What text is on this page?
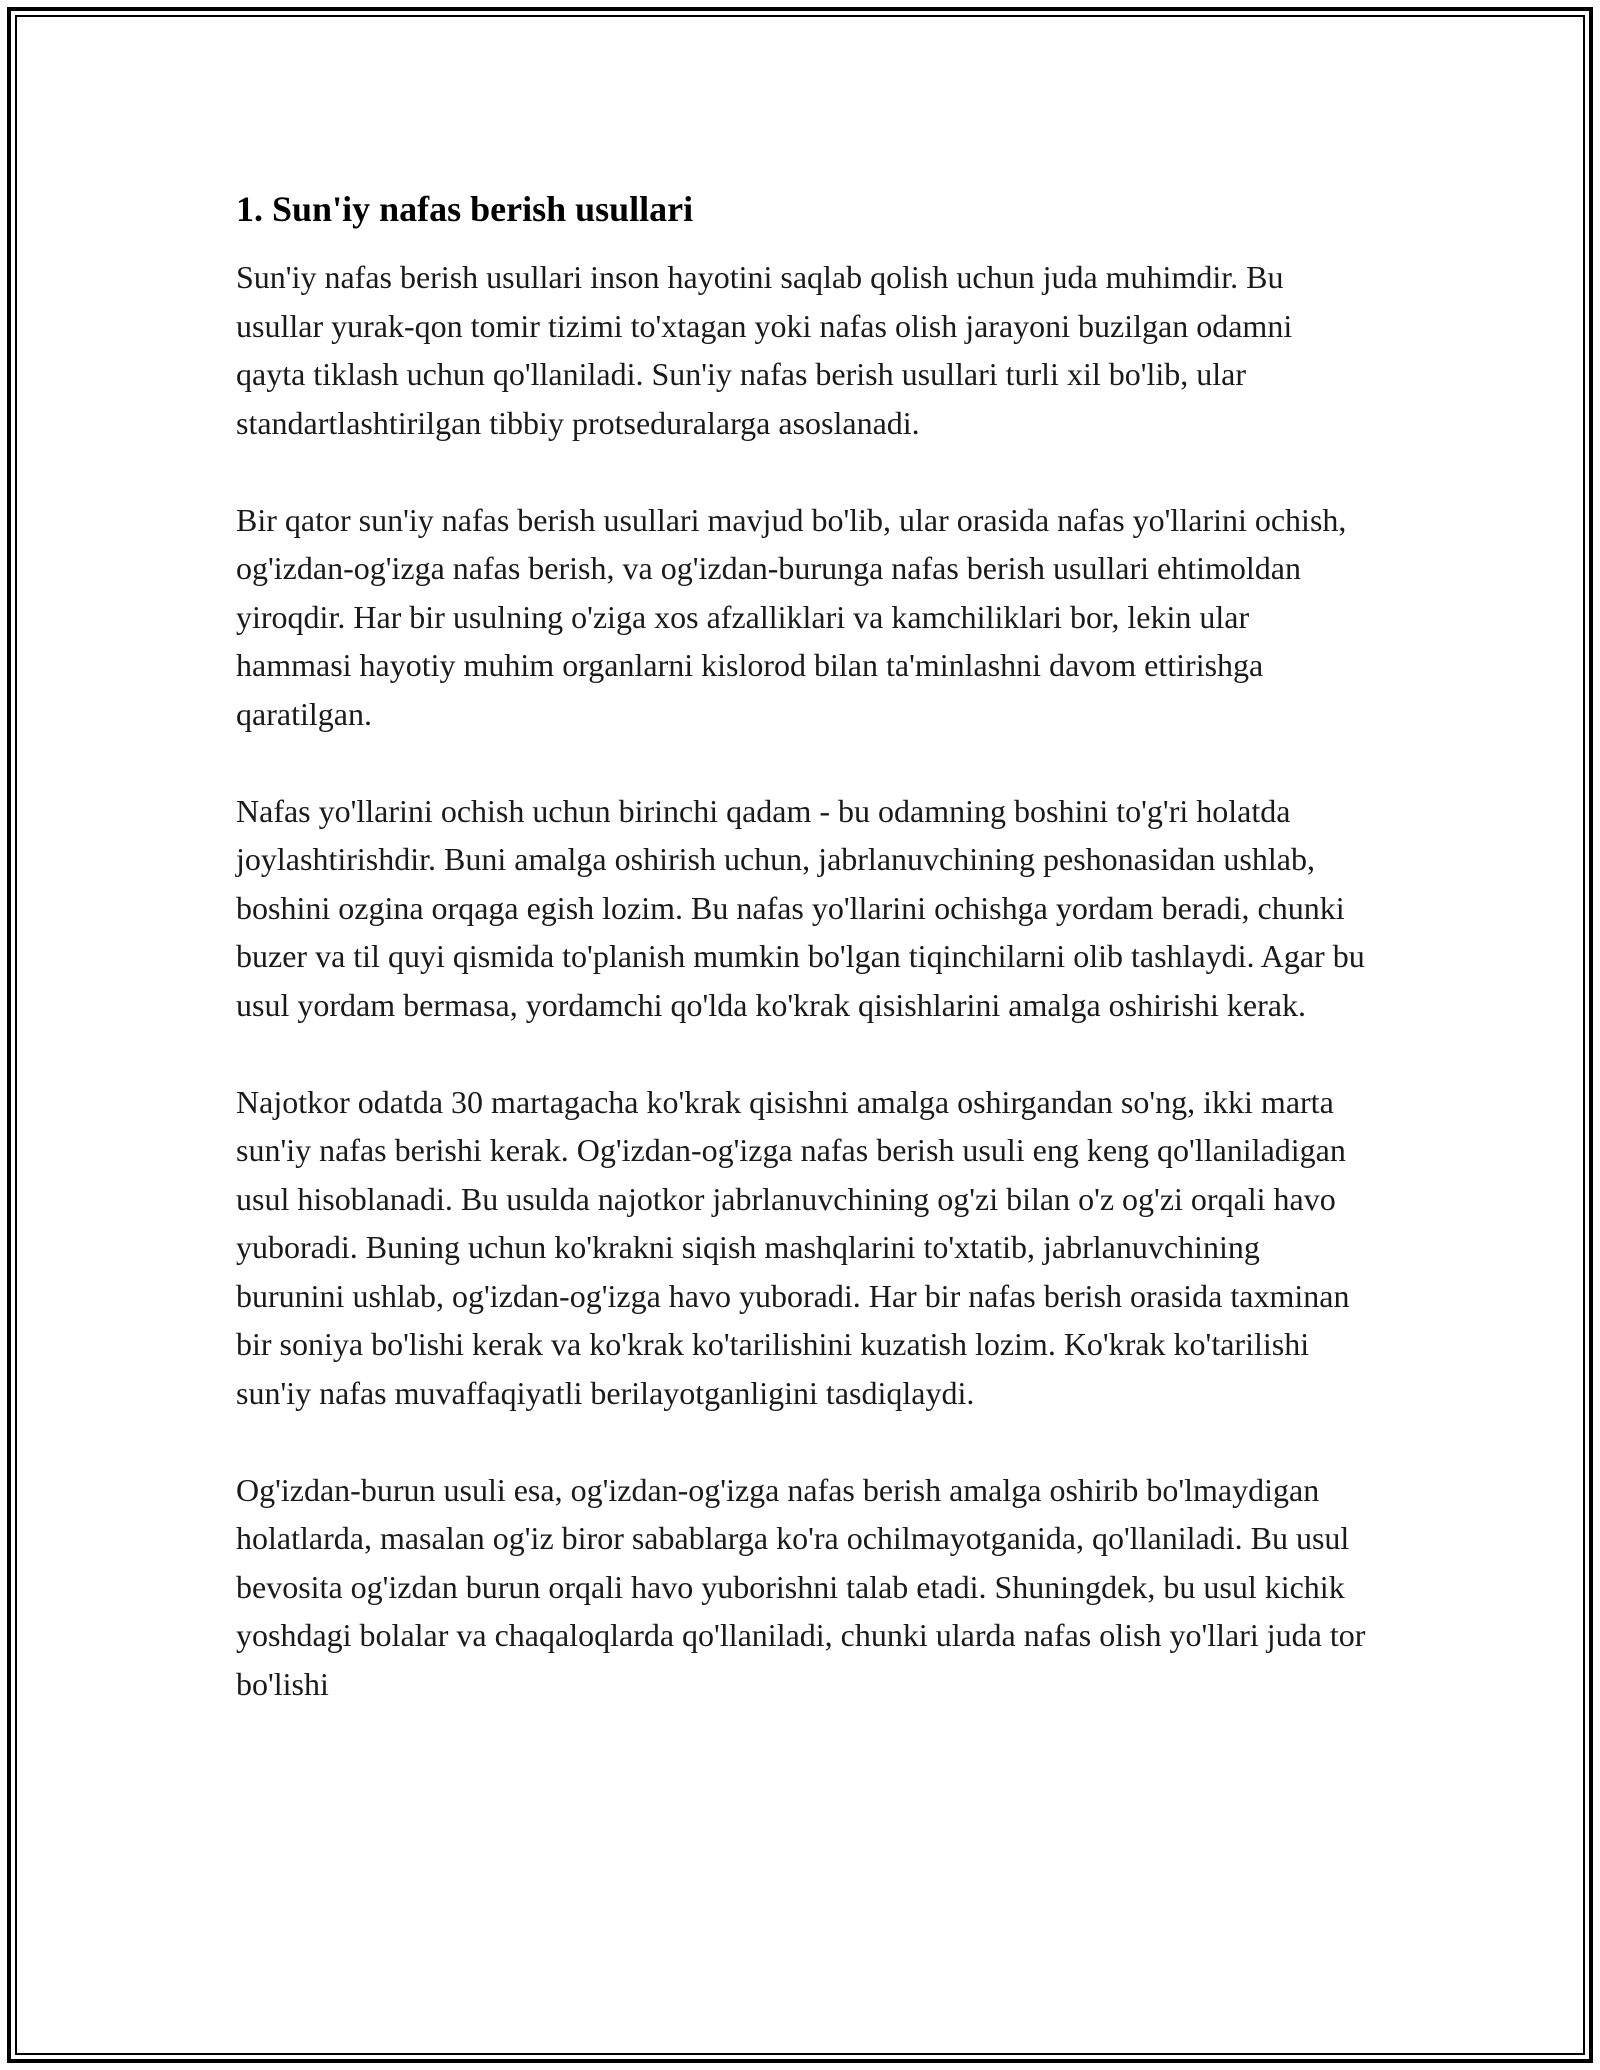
1. Sun'iy nafas berish usullari

Sun'iy nafas berish usullari inson hayotini saqlab qolish uchun juda muhimdir. Bu usullar yurak-qon tomir tizimi to'xtagan yoki nafas olish jarayoni buzilgan odamni qayta tiklash uchun qo'llaniladi. Sun'iy nafas berish usullari turli xil bo'lib, ular standartlashtirilgan tibbiy protseduralarga asoslanadi.

Bir qator sun'iy nafas berish usullari mavjud bo'lib, ular orasida nafas yo'llarini ochish, og'izdan-og'izga nafas berish, va og'izdan-burunga nafas berish usullari ehtimoldan yiroqdir. Har bir usulning o'ziga xos afzalliklari va kamchiliklari bor, lekin ular hammasi hayotiy muhim organlarni kislorod bilan ta'minlashni davom ettirishga qaratilgan.

Nafas yo'llarini ochish uchun birinchi qadam - bu odamning boshini to'g'ri holatda joylashtirishdir. Buni amalga oshirish uchun, jabrlanuvchining peshonasidan ushlab, boshini ozgina orqaga egish lozim. Bu nafas yo'llarini ochishga yordam beradi, chunki buzer va til quyi qismida to'planish mumkin bo'lgan tiqinchilarni olib tashlaydi. Agar bu usul yordam bermasa, yordamchi qo'lda ko'krak qisishlarini amalga oshirishi kerak.

Najotkor odatda 30 martagacha ko'krak qisishni amalga oshirgandan so'ng, ikki marta sun'iy nafas berishi kerak. Og'izdan-og'izga nafas berish usuli eng keng qo'llaniladigan usul hisoblanadi. Bu usulda najotkor jabrlanuvchining og'zi bilan o'z og'zi orqali havo yuboradi. Buning uchun ko'krakni siqish mashqlarini to'xtatib, jabrlanuvchining burunini ushlab, og'izdan-og'izga havo yuboradi. Har bir nafas berish orasida taxminan bir soniya bo'lishi kerak va ko'krak ko'tarilishini kuzatish lozim. Ko'krak ko'tarilishi sun'iy nafas muvaffaqiyatli berilayotganligini tasdiqlaydi.

Og'izdan-burun usuli esa, og'izdan-og'izga nafas berish amalga oshirib bo'lmaydigan holatlarda, masalan og'iz biror sabablarga ko'ra ochilmayotganida, qo'llaniladi. Bu usul bevosita og'izdan burun orqali havo yuborishni talab etadi. Shuningdek, bu usul kichik yoshdagi bolalar va chaqaloqlarda qo'llaniladi, chunki ularda nafas olish yo'llari juda tor bo'lishi
